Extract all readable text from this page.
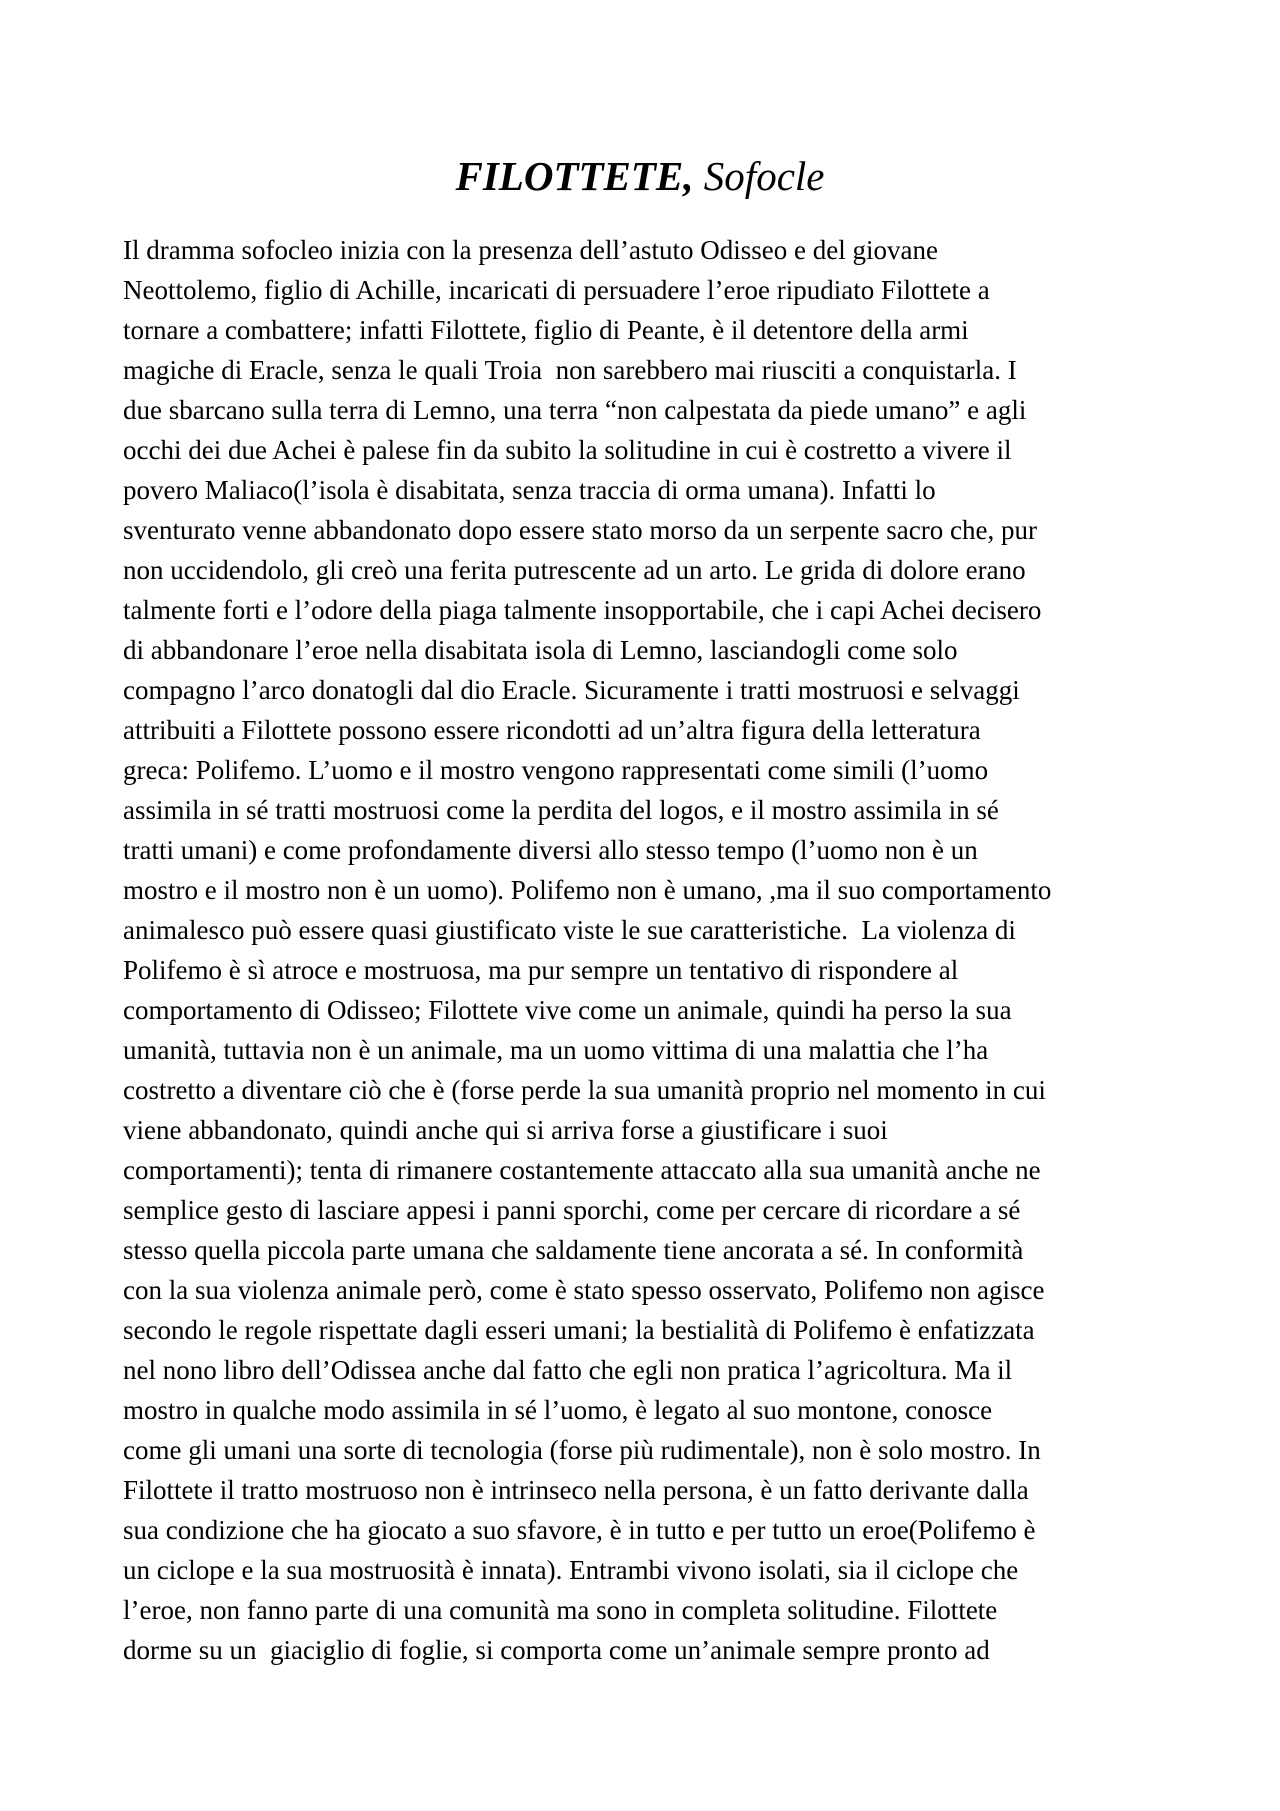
FILOTTETE, Sofocle
Il dramma sofocleo inizia con la presenza dell’astuto Odisseo e del giovane
Neottolemo, figlio di Achille, incaricati di persuadere l’eroe ripudiato Filottete a
tornare a combattere; infatti Filottete, figlio di Peante, è il detentore della armi
magiche di Eracle, senza le quali Troia  non sarebbero mai riusciti a conquistarla. I
due sbarcano sulla terra di Lemno, una terra “non calpestata da piede umano” e agli
occhi dei due Achei è palese fin da subito la solitudine in cui è costretto a vivere il
povero Maliaco(l’isola è disabitata, senza traccia di orma umana). Infatti lo
sventurato venne abbandonato dopo essere stato morso da un serpente sacro che, pur
non uccidendolo, gli creò una ferita putrescente ad un arto. Le grida di dolore erano
talmente forti e l’odore della piaga talmente insopportabile, che i capi Achei decisero
di abbandonare l’eroe nella disabitata isola di Lemno, lasciandogli come solo
compagno l’arco donatogli dal dio Eracle. Sicuramente i tratti mostruosi e selvaggi
attribuiti a Filottete possono essere ricondotti ad un’altra figura della letteratura
greca: Polifemo. L’uomo e il mostro vengono rappresentati come simili (l’uomo
assimila in sé tratti mostruosi come la perdita del logos, e il mostro assimila in sé
tratti umani) e come profondamente diversi allo stesso tempo (l’uomo non è un
mostro e il mostro non è un uomo). Polifemo non è umano, ,ma il suo comportamento
animalesco può essere quasi giustificato viste le sue caratteristiche.  La violenza di
Polifemo è sì atroce e mostruosa, ma pur sempre un tentativo di rispondere al
comportamento di Odisseo; Filottete vive come un animale, quindi ha perso la sua
umanità, tuttavia non è un animale, ma un uomo vittima di una malattia che l’ha
costretto a diventare ciò che è (forse perde la sua umanità proprio nel momento in cui
viene abbandonato, quindi anche qui si arriva forse a giustificare i suoi
comportamenti); tenta di rimanere costantemente attaccato alla sua umanità anche ne
semplice gesto di lasciare appesi i panni sporchi, come per cercare di ricordare a sé
stesso quella piccola parte umana che saldamente tiene ancorata a sé. In conformità
con la sua violenza animale però, come è stato spesso osservato, Polifemo non agisce
secondo le regole rispettate dagli esseri umani; la bestialità di Polifemo è enfatizzata
nel nono libro dell’Odissea anche dal fatto che egli non pratica l’agricoltura. Ma il
mostro in qualche modo assimila in sé l’uomo, è legato al suo montone, conosce
come gli umani una sorte di tecnologia (forse più rudimentale), non è solo mostro. In
Filottete il tratto mostruoso non è intrinseco nella persona, è un fatto derivante dalla
sua condizione che ha giocato a suo sfavore, è in tutto e per tutto un eroe(Polifemo è
un ciclope e la sua mostruosità è innata). Entrambi vivono isolati, sia il ciclope che
l’eroe, non fanno parte di una comunità ma sono in completa solitudine. Filottete
dorme su un  giaciglio di foglie, si comporta come un’animale sempre pronto ad
